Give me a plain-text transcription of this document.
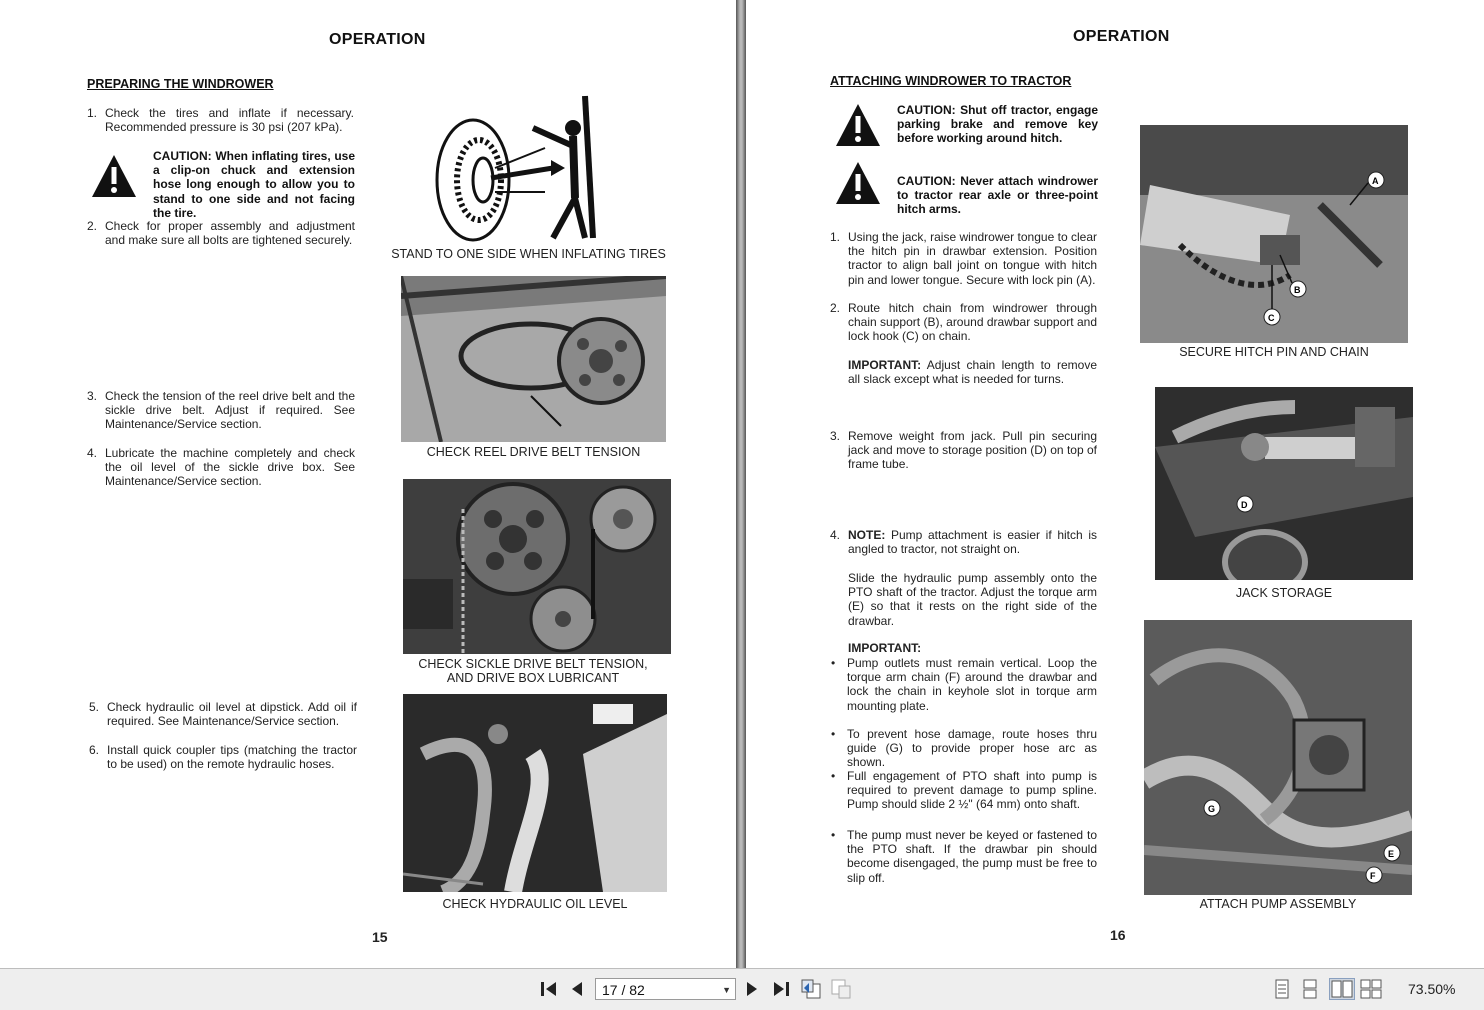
OPERATION
PREPARING THE WINDROWER
1. Check the tires and inflate if necessary. Recommended pressure is 30 psi (207 kPa).
CAUTION: When inflating tires, use a clip-on chuck and extension hose long enough to allow you to stand to one side and not facing the tire.
2. Check for proper assembly and adjustment and make sure all bolts are tightened securely.
3. Check the tension of the reel drive belt and the sickle drive belt. Adjust if required. See Maintenance/Service section.
4. Lubricate the machine completely and check the oil level of the sickle drive box. See Maintenance/Service section.
5. Check hydraulic oil level at dipstick. Add oil if required. See Maintenance/Service section.
6. Install quick coupler tips (matching the tractor to be used) on the remote hydraulic hoses.
STAND TO ONE SIDE WHEN INFLATING TIRES
CHECK REEL DRIVE BELT TENSION
CHECK SICKLE DRIVE BELT TENSION,
AND DRIVE BOX LUBRICANT
CHECK HYDRAULIC OIL LEVEL
15
OPERATION
ATTACHING WINDROWER TO TRACTOR
CAUTION: Shut off tractor, engage parking brake and remove key before working around hitch.
CAUTION: Never attach windrower to tractor rear axle or three-point hitch arms.
1. Using the jack, raise windrower tongue to clear the hitch pin in drawbar extension. Position tractor to align ball joint on tongue with hitch pin and lower tongue. Secure with lock pin (A).
2. Route hitch chain from windrower through chain support (B), around drawbar support and lock hook (C) on chain.
IMPORTANT: Adjust chain length to remove all slack except what is needed for turns.
3. Remove weight from jack. Pull pin securing jack and move to storage position (D) on top of frame tube.
4. NOTE: Pump attachment is easier if hitch is angled to tractor, not straight on.
Slide the hydraulic pump assembly onto the PTO shaft of the tractor. Adjust the torque arm (E) so that it rests on the right side of the drawbar.
IMPORTANT:
• Pump outlets must remain vertical. Loop the torque arm chain (F) around the drawbar and lock the chain in keyhole slot in torque arm mounting plate.
• To prevent hose damage, route hoses thru guide (G) to provide proper hose arc as shown.
• Full engagement of PTO shaft into pump is required to prevent damage to pump spline. Pump should slide 2 ½" (64 mm) onto shaft.
• The pump must never be keyed or fastened to the PTO shaft. If the drawbar pin should become disengaged, the pump must be free to slip off.
A
B
C
SECURE HITCH PIN AND CHAIN
D
JACK STORAGE
G
E
F
ATTACH PUMP ASSEMBLY
16
17 / 82	▼	73.50%
